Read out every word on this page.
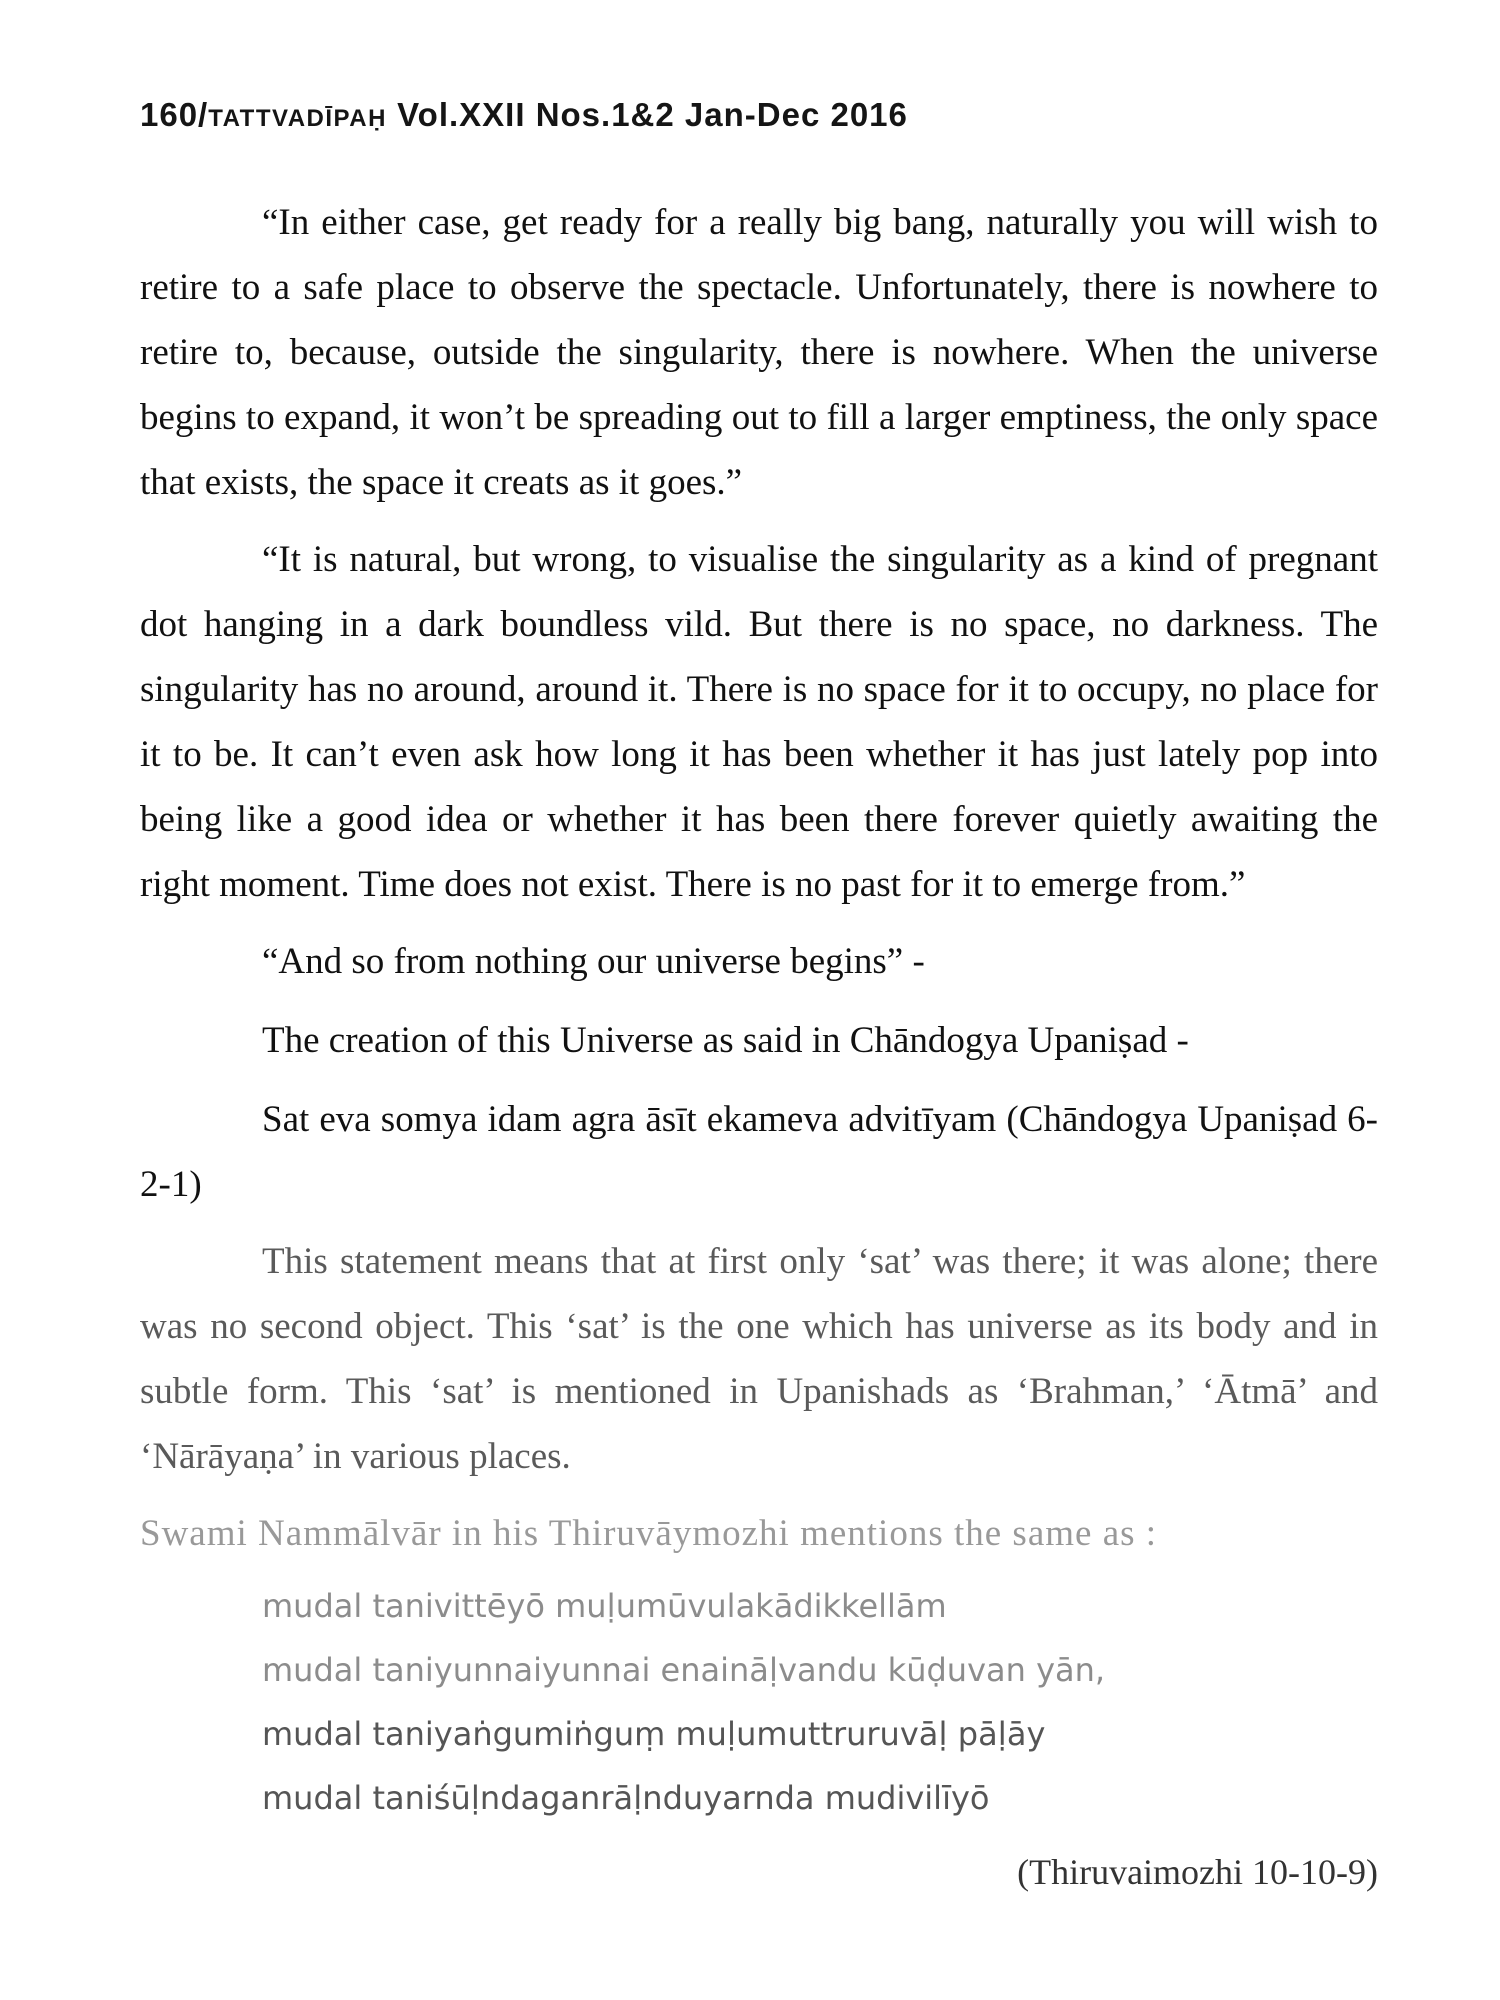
160/TATTVADĪPAḤ Vol.XXII Nos.1&2 Jan-Dec 2016

“In either case, get ready for a really big bang, naturally you will wish to retire to a safe place to observe the spectacle. Unfortunately, there is nowhere to retire to, because, outside the singularity, there is nowhere. When the universe begins to expand, it won’t be spreading out to fill a larger emptiness, the only space that exists, the space it creats as it goes.”

“It is natural, but wrong, to visualise the singularity as a kind of pregnant dot hanging in a dark boundless vild. But there is no space, no darkness. The singularity has no around, around it. There is no space for it to occupy, no place for it to be. It can’t even ask how long it has been whether it has just lately pop into being like a good idea or whether it has been there forever quietly awaiting the right moment. Time does not exist. There is no past for it to emerge from.”

“And so from nothing our universe begins” -

The creation of this Universe as said in Chāndogya Upaniṣad -

Sat eva somya idam agra āsīt ekameva advitīyam (Chāndogya Upaniṣad 6-2-1)

This statement means that at first only ‘sat’ was there; it was alone; there was no second object. This ‘sat’ is the one which has universe as its body and in subtle form. This ‘sat’ is mentioned in Upanishads as ‘Brahman,’ ‘Ātmā’ and ‘Nārāyaṇa’ in various places.

Swami Nammālvār in his Thiruvāymozhi mentions the same as :
mudal tanivittēyō muḷumūvulakādikkellām
mudal taniyunnaiyunnai enaināḷvandu kūḍuvan yān,
mudal taniyaṅgumiṅguṃ muḷumuttruruvāḷ pāḷāy
mudal taniśūḷndaganrāḷnduyarnda mudivilīyō
(Thiruvaimozhi 10-10-9)
